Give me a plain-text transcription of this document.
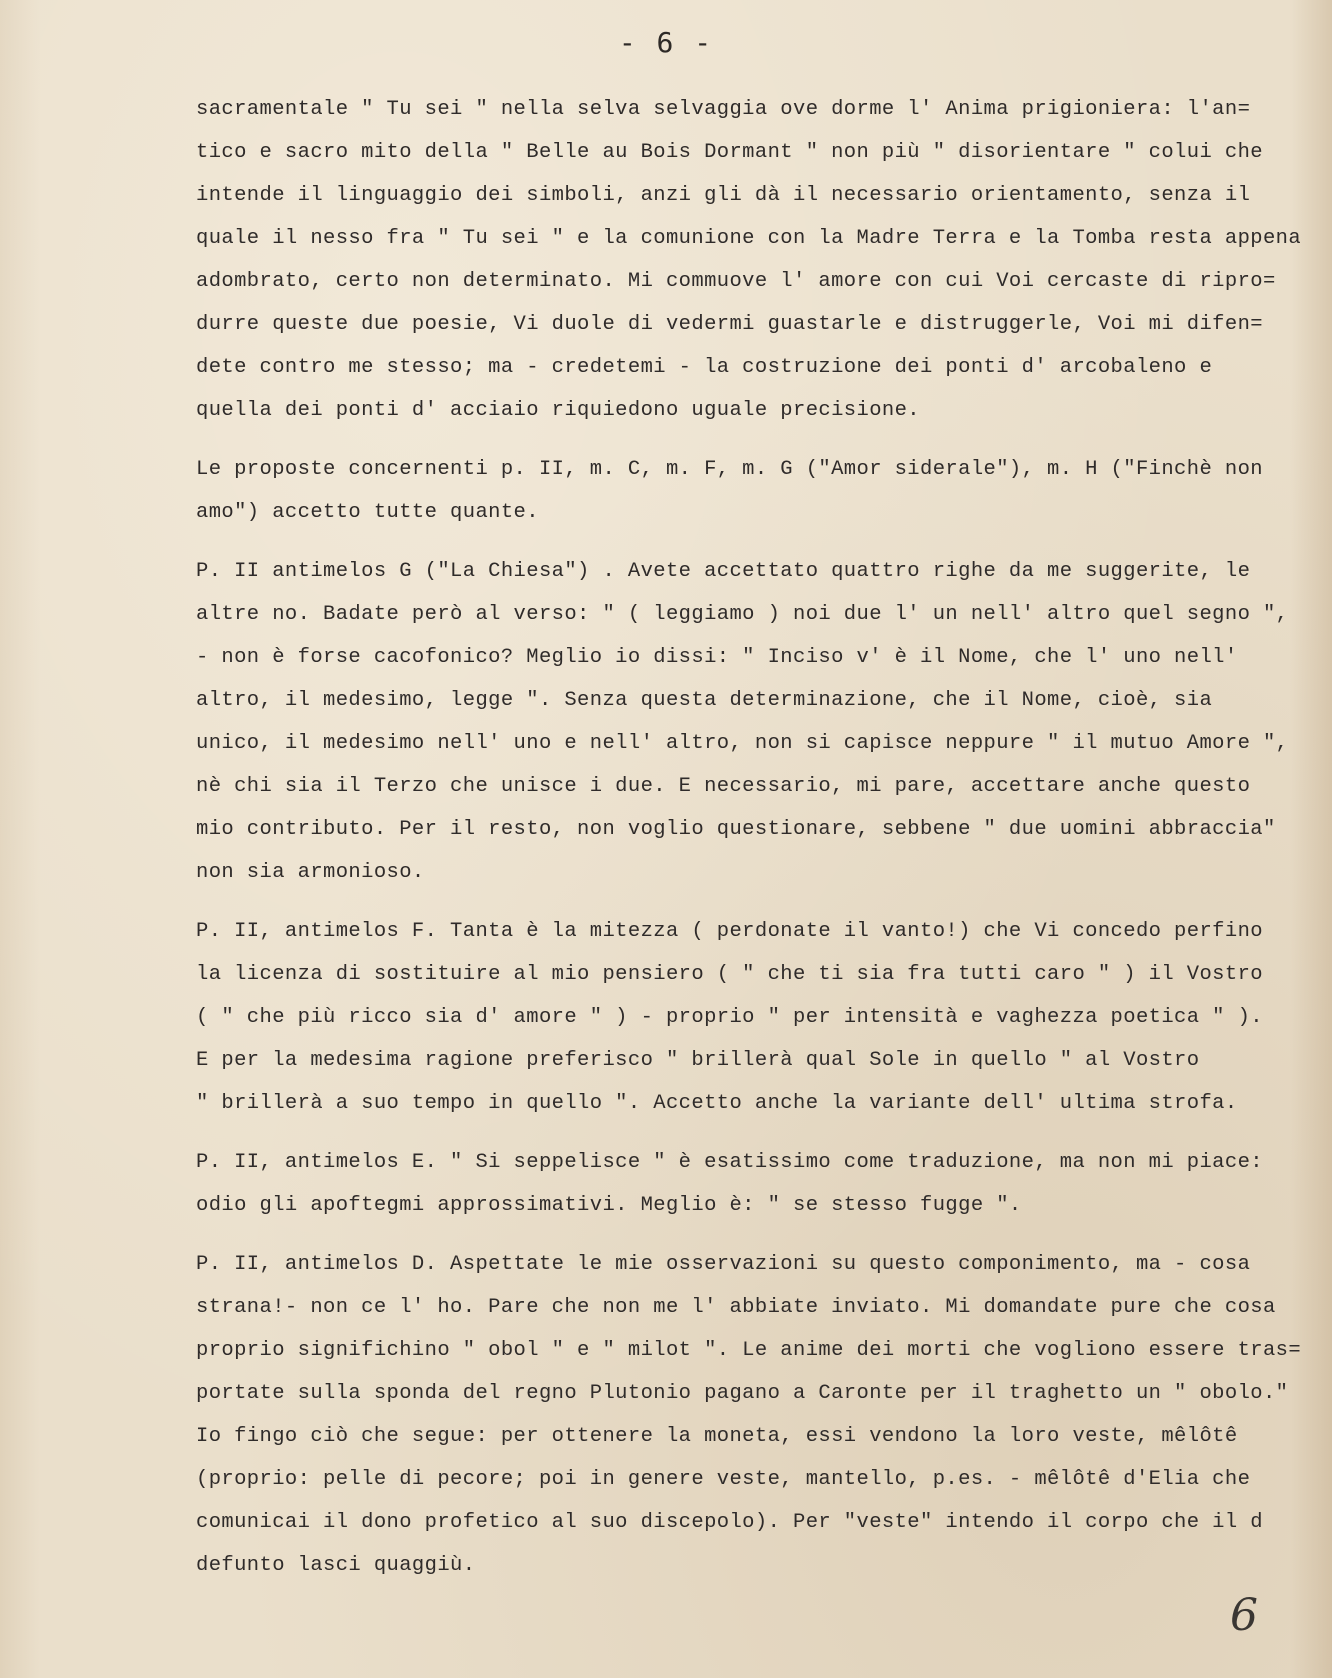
- 6 -
sacramentale " Tu sei " nella selva selvaggia ove dorme l' Anima prigioniera: l'an=
tico e sacro mito della " Belle au Bois Dormant " non più " disorientare " colui che
intende il linguaggio dei simboli, anzi gli dà il necessario orientamento, senza il
quale il nesso fra " Tu sei " e la comunione con la Madre Terra e la Tomba resta appena
adombrato, certo non determinato. Mi commuove l' amore con cui Voi cercaste di ripro=
durre queste due poesie, Vi duole di vedermi guastarle e distruggerle, Voi mi difen=
dete contro me stesso; ma - credetemi - la costruzione dei ponti d' arcobaleno e
quella dei ponti d' acciaio riquiedono uguale precisione.
Le proposte concernenti p. II, m. C, m. F, m. G ("Amor siderale"), m. H ("Finchè non
amo") accetto tutte quante.
P. II antimelos G ("La Chiesa") . Avete accettato quattro righe da me suggerite, le
altre no. Badate però al verso: " ( leggiamo ) noi due l' un nell' altro quel segno ",
- non è forse cacofonico? Meglio io dissi: " Inciso v' è il Nome, che l' uno nell'
altro, il medesimo, legge ". Senza questa determinazione, che il Nome, cioè, sia
unico, il medesimo nell' uno e nell' altro, non si capisce neppure " il mutuo Amore ",
nè chi sia il Terzo che unisce i due. E necessario, mi pare, accettare anche questo
mio contributo. Per il resto, non voglio questionare, sebbene " due uomini abbraccia"
non sia armonioso.
P. II, antimelos F. Tanta è la mitezza ( perdonate il vanto!) che Vi concedo perfino
la licenza di sostituire al mio pensiero ( " che ti sia fra tutti caro " ) il Vostro
( " che più ricco sia d' amore " ) - proprio " per intensità e vaghezza poetica " ).
E per la medesima ragione preferisco " brillerà qual Sole in quello " al Vostro
" brillerà a suo tempo in quello ". Accetto anche la variante dell' ultima strofa.
P. II, antimelos E. " Si seppelisce " è esatissimo come traduzione, ma non mi piace:
odio gli apoftegmi approssimativi. Meglio è: " se stesso fugge ".
P. II, antimelos D. Aspettate le mie osservazioni su questo componimento, ma - cosa
strana!- non ce l' ho. Pare che non me l' abbiate inviato. Mi domandate pure che cosa
proprio significhino " obol " e " milot ". Le anime dei morti che vogliono essere tras=
portate sulla sponda del regno Plutonio pagano a Caronte per il traghetto un " obolo."
Io fingo ciò che segue: per ottenere la moneta, essi vendono la loro veste, mêlôtê
(proprio: pelle di pecore; poi in genere veste, mantello, p.es. - mêlôtê d'Elia che
comunicai il dono profetico al suo discepolo). Per "veste" intendo il corpo che il d
defunto lasci quaggiù.
6
